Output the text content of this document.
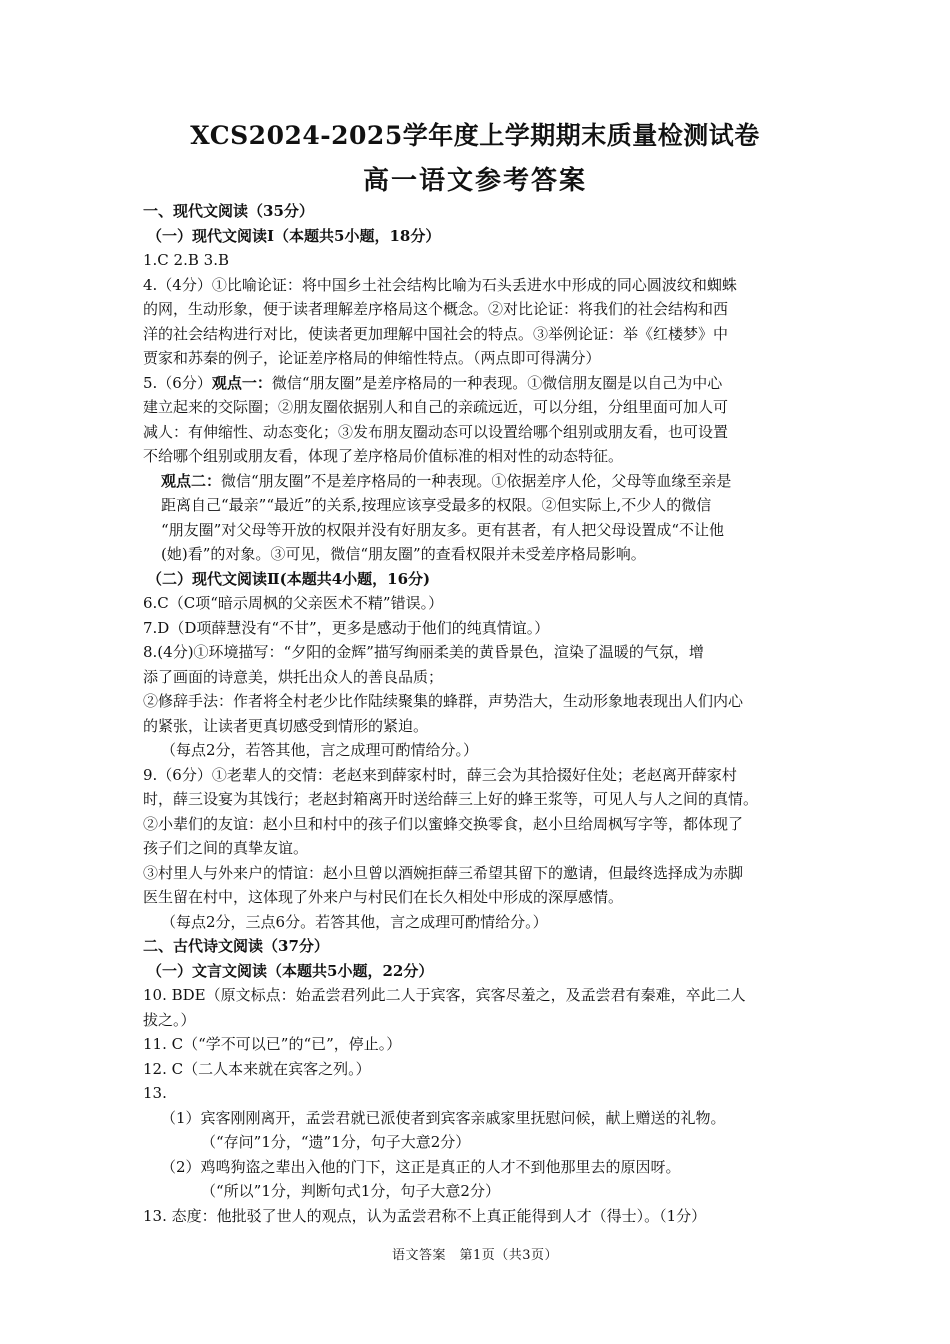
XCS2024-2025学年度上学期期末质量检测试卷
高一语文参考答案

一、现代文阅读（35分）

（一）现代文阅读Ⅰ（本题共5小题，18分）

1.C 2.B 3.B

4.（4分）①比喻论证：将中国乡土社会结构比喻为石头丢进水中形成的同心圆波纹和蜘蛛

的网，生动形象，便于读者理解差序格局这个概念。②对比论证：将我们的社会结构和西

洋的社会结构进行对比，使读者更加理解中国社会的特点。③举例论证：举《红楼梦》中

贾家和苏秦的例子，论证差序格局的伸缩性特点。（两点即可得满分）

5.（6分）观点一：微信“朋友圈”是差序格局的一种表现。①微信朋友圈是以自己为中心

建立起来的交际圈；②朋友圈依据别人和自己的亲疏远近，可以分组，分组里面可加人可

减人：有伸缩性、动态变化；③发布朋友圈动态可以设置给哪个组别或朋友看，也可设置

不给哪个组别或朋友看，体现了差序格局价值标准的相对性的动态特征。

观点二：微信“朋友圈”不是差序格局的一种表现。①依据差序人伦，父母等血缘至亲是

距离自己“最亲”“最近”的关系,按理应该享受最多的权限。②但实际上,不少人的微信

“朋友圈”对父母等开放的权限并没有好朋友多。更有甚者，有人把父母设置成“不让他

(她)看”的对象。③可见，微信“朋友圈”的查看权限并未受差序格局影响。

（二）现代文阅读Ⅱ(本题共4小题，16分)

6.C（C项“暗示周枫的父亲医术不精”错误。）

7.D（D项薛慧没有“不甘”，更多是感动于他们的纯真情谊。）

8.(4分)①环境描写：“夕阳的金辉”描写绚丽柔美的黄昏景色，渲染了温暖的气氛，增

添了画面的诗意美，烘托出众人的善良品质；

②修辞手法：作者将全村老少比作陆续聚集的蜂群，声势浩大，生动形象地表现出人们内心

的紧张，让读者更真切感受到情形的紧迫。

（每点2分，若答其他，言之成理可酌情给分。）

9.（6分）①老辈人的交情：老赵来到薛家村时，薛三会为其拾掇好住处；老赵离开薛家村

时，薛三设宴为其饯行；老赵封箱离开时送给薛三上好的蜂王浆等，可见人与人之间的真情。

②小辈们的友谊：赵小旦和村中的孩子们以蜜蜂交换零食，赵小旦给周枫写字等，都体现了

孩子们之间的真挚友谊。

③村里人与外来户的情谊：赵小旦曾以酒婉拒薛三希望其留下的邀请，但最终选择成为赤脚

医生留在村中，这体现了外来户与村民们在长久相处中形成的深厚感情。

（每点2分，三点6分。若答其他，言之成理可酌情给分。）

二、古代诗文阅读（37分）

（一）文言文阅读（本题共5小题，22分）

10. BDE（原文标点：始孟尝君列此二人于宾客，宾客尽羞之，及孟尝君有秦难，卒此二人

拔之。）

11. C（“学不可以已”的“已”，停止。）

12. C（二人本来就在宾客之列。）

13.

（1）宾客刚刚离开，孟尝君就已派使者到宾客亲戚家里抚慰问候，献上赠送的礼物。

（“存问”1分，“遗”1分，句子大意2分）

（2）鸡鸣狗盗之辈出入他的门下，这正是真正的人才不到他那里去的原因呀。

（“所以”1分，判断句式1分，句子大意2分）

13. 态度：他批驳了世人的观点，认为孟尝君称不上真正能得到人才（得士）。（1分）

语文答案　第1页（共3页）
